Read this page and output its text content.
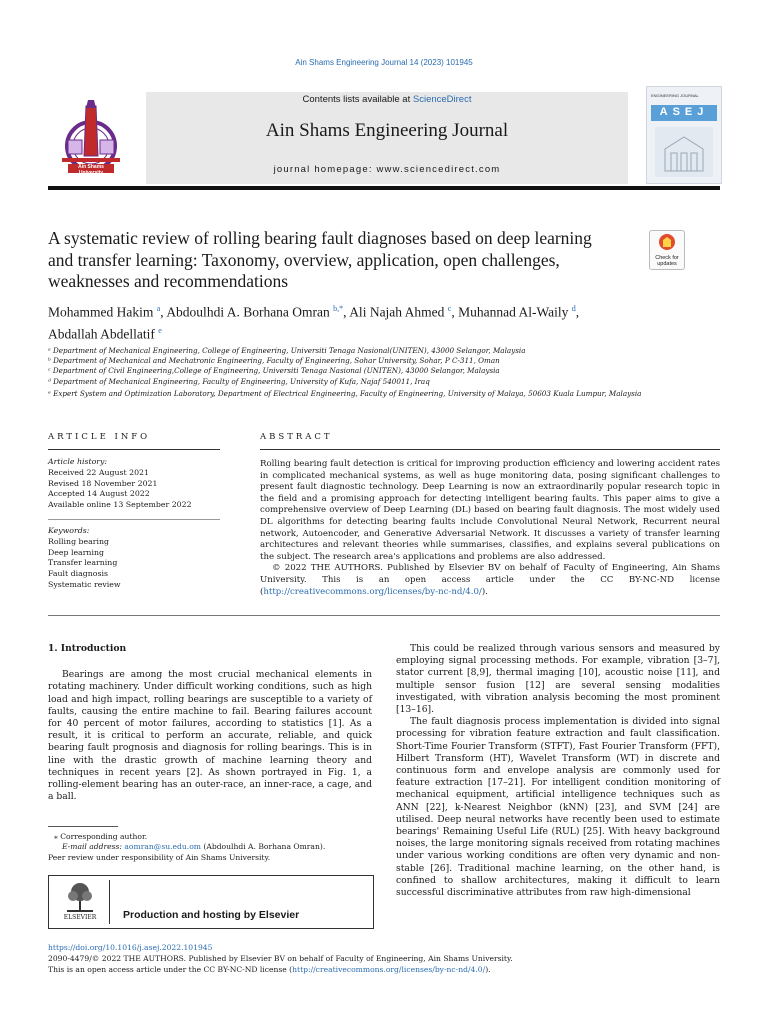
Ain Shams Engineering Journal 14 (2023) 101945
Ain Shams University
Contents lists available at ScienceDirect
Ain Shams Engineering Journal
journal homepage: www.sciencedirect.com
ENGINEERING JOURNAL
ASEJ
A systematic review of rolling bearing fault diagnoses based on deep learning and transfer learning: Taxonomy, overview, application, open challenges, weaknesses and recommendations
Check for
updates
Mohammed Hakim $^a$, Abdoulhdi A. Borhana Omran $^{b,*}$, Ali Najah Ahmed $^c$, Muhannad Al-Waily $^d$,
Abdallah Abdellatif $^e$
ᵃ Department of Mechanical Engineering, College of Engineering, Universiti Tenaga Nasional(UNITEN), 43000 Selangor, Malaysia
ᵇ Department of Mechanical and Mechatronic Engineering, Faculty of Engineering, Sohar University, Sohar, P C-311, Oman
ᶜ Department of Civil Engineering,College of Engineering, Universiti Tenaga Nasional (UNITEN), 43000 Selangor, Malaysia
ᵈ Department of Mechanical Engineering, Faculty of Engineering, University of Kufa, Najaf 540011, Iraq
ᵉ Expert System and Optimization Laboratory, Department of Electrical Engineering, Faculty of Engineering, University of Malaya, 50603 Kuala Lumpur, Malaysia
ARTICLE INFO
Article history:
Received 22 August 2021
Revised 18 November 2021
Accepted 14 August 2022
Available online 13 September 2022
Keywords:
Rolling bearing
Deep learning
Transfer learning
Fault diagnosis
Systematic review
ABSTRACT
Rolling bearing fault detection is critical for improving production efficiency and lowering accident rates in complicated mechanical systems, as well as huge monitoring data, posing significant challenges to present fault diagnostic technology. Deep Learning is now an extraordinarily popular research topic in the field and a promising approach for detecting intelligent bearing faults. This paper aims to give a comprehensive overview of Deep Learning (DL) based on bearing fault diagnosis. The most widely used DL algorithms for detecting bearing faults include Convolutional Neural Network, Recurrent neural network, Autoencoder, and Generative Adversarial Network. It discusses a variety of transfer learning architectures and relevant theories while summarises, classifies, and explains several publications on the subject. The research area's applications and problems are also addressed.
© 2022 THE AUTHORS. Published by Elsevier BV on behalf of Faculty of Engineering, Ain Shams University. This is an open access article under the CC BY-NC-ND license (http://creativecommons.org/licenses/by-nc-nd/4.0/).
1. Introduction

Bearings are among the most crucial mechanical elements in rotating machinery. Under difficult working conditions, such as high load and high impact, rolling bearings are susceptible to a variety of faults, causing the entire machine to fail. Bearing failures account for 40 percent of motor failures, according to statistics [1]. As a result, it is critical to perform an accurate, reliable, and quick bearing fault prognosis and diagnosis for rolling bearings. This is in line with the drastic growth of machine learning theory and techniques in recent years [2]. As shown portrayed in Fig. 1, a rolling-element bearing has an outer-race, an inner-race, a cage, and a ball.

⁎ Corresponding author.
E-mail address: aomran@su.edu.om (Abdoulhdi A. Borhana Omran).
Peer review under responsibility of Ain Shams University.
ELSEVIER	Production and hosting by Elsevier

This could be realized through various sensors and measured by employing signal processing methods. For example, vibration [3–7], stator current [8,9], thermal imaging [10], acoustic noise [11], and multiple sensor fusion [12] are several sensing modalities investigated, with vibration analysis becoming the most prominent [13–16].

The fault diagnosis process implementation is divided into signal processing for vibration feature extraction and fault classification. Short-Time Fourier Transform (STFT), Fast Fourier Transform (FFT), Hilbert Transform (HT), Wavelet Transform (WT) in discrete and continuous form and envelope analysis are commonly used for feature extraction [17–21]. For intelligent condition monitoring of mechanical equipment, artificial intelligence techniques such as ANN [22], k-Nearest Neighbor (kNN) [23], and SVM [24] are utilised. Deep neural networks have recently been used to estimate bearings' Remaining Useful Life (RUL) [25]. With heavy background noises, the large monitoring signals received from rotating machines under various working conditions are often very dynamic and non-stable [26]. Traditional machine learning, on the other hand, is confined to shallow architectures, making it difficult to learn successful discriminative attributes from raw high-dimensional

https://doi.org/10.1016/j.asej.2022.101945
2090-4479/© 2022 THE AUTHORS. Published by Elsevier BV on behalf of Faculty of Engineering, Ain Shams University.
This is an open access article under the CC BY-NC-ND license (http://creativecommons.org/licenses/by-nc-nd/4.0/).
